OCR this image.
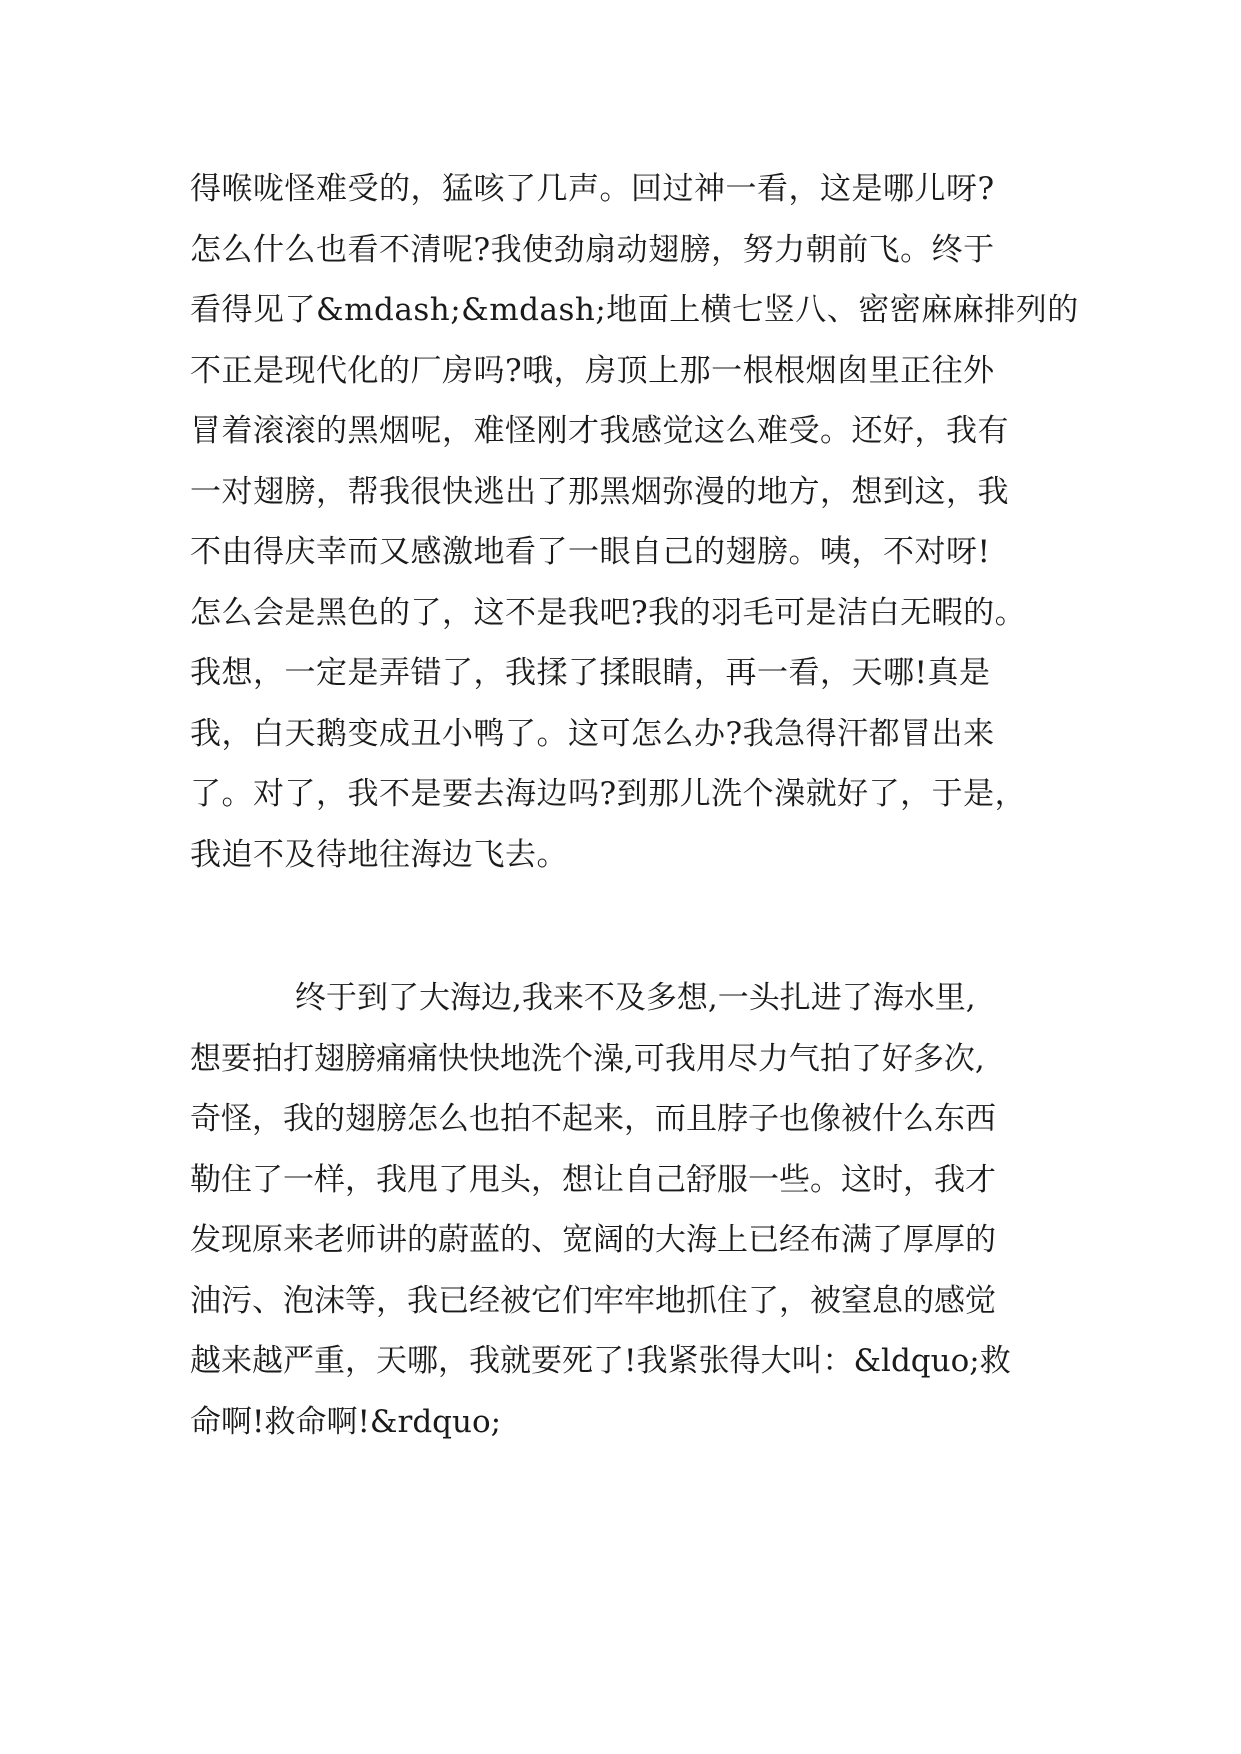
得喉咙怪难受的，猛咳了几声。回过神一看，这是哪儿呀?
怎么什么也看不清呢?我使劲扇动翅膀，努力朝前飞。终于
看得见了&mdash;&mdash;地面上横七竖八、密密麻麻排列的
不正是现代化的厂房吗?哦，房顶上那一根根烟囱里正往外
冒着滚滚的黑烟呢，难怪刚才我感觉这么难受。还好，我有
一对翅膀，帮我很快逃出了那黑烟弥漫的地方，想到这，我
不由得庆幸而又感激地看了一眼自己的翅膀。咦，不对呀!
怎么会是黑色的了，这不是我吧?我的羽毛可是洁白无暇的。
我想，一定是弄错了，我揉了揉眼睛，再一看，天哪!真是
我，白天鹅变成丑小鸭了。这可怎么办?我急得汗都冒出来
了。对了，我不是要去海边吗?到那儿洗个澡就好了，于是，
我迫不及待地往海边飞去。
终于到了大海边,我来不及多想,一头扎进了海水里,
想要拍打翅膀痛痛快快地洗个澡,可我用尽力气拍了好多次,
奇怪，我的翅膀怎么也拍不起来，而且脖子也像被什么东西
勒住了一样，我甩了甩头，想让自己舒服一些。这时，我才
发现原来老师讲的蔚蓝的、宽阔的大海上已经布满了厚厚的
油污、泡沫等，我已经被它们牢牢地抓住了，被窒息的感觉
越来越严重，天哪，我就要死了!我紧张得大叫：&ldquo;救
命啊!救命啊!&rdquo;
